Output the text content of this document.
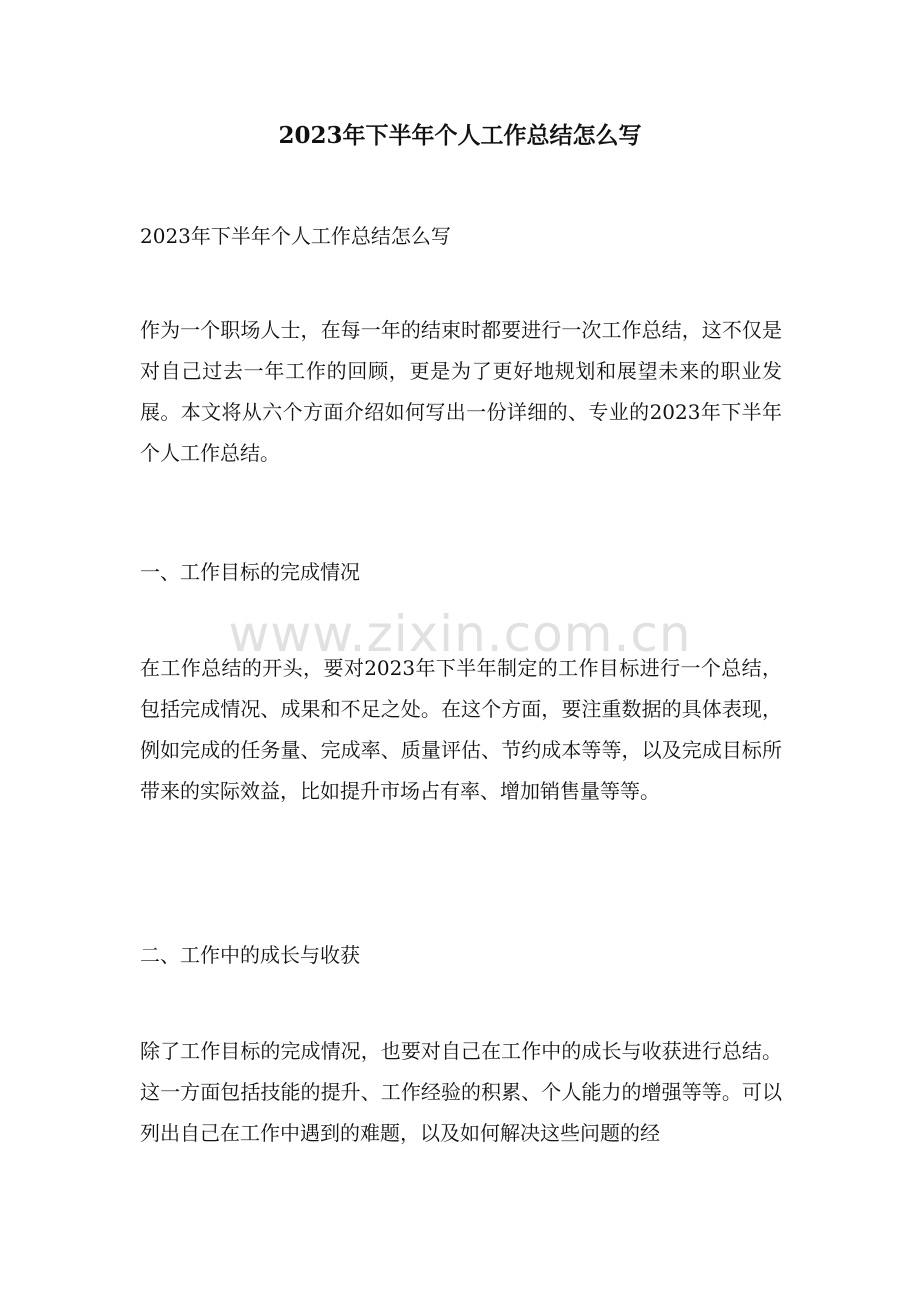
2023年下半年个人工作总结怎么写
2023年下半年个人工作总结怎么写

作为一个职场人士，在每一年的结束时都要进行一次工作总结，这不仅是对自己过去一年工作的回顾，更是为了更好地规划和展望未来的职业发展。本文将从六个方面介绍如何写出一份详细的、专业的2023年下半年个人工作总结。

一、工作目标的完成情况
www.zixin.com.cn

在工作总结的开头，要对2023年下半年制定的工作目标进行一个总结，包括完成情况、成果和不足之处。在这个方面，要注重数据的具体表现，例如完成的任务量、完成率、质量评估、节约成本等等，以及完成目标所带来的实际效益，比如提升市场占有率、增加销售量等等。

二、工作中的成长与收获

除了工作目标的完成情况，也要对自己在工作中的成长与收获进行总结。这一方面包括技能的提升、工作经验的积累、个人能力的增强等等。可以列出自己在工作中遇到的难题，以及如何解决这些问题的经
